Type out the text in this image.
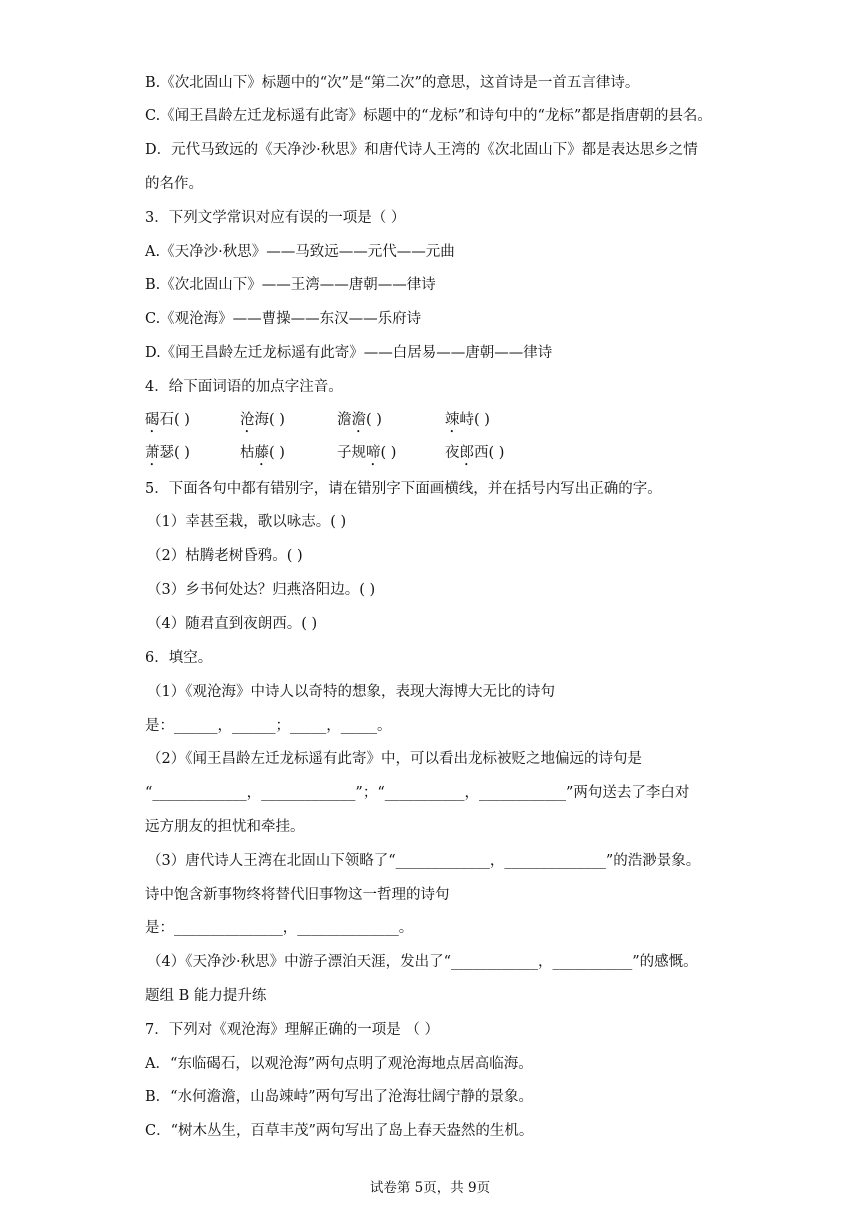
B.《次北固山下》标题中的“次”是“第二次”的意思，这首诗是一首五言律诗。
C.《闻王昌龄左迁龙标遥有此寄》标题中的“龙标”和诗句中的“龙标”都是指唐朝的县名。
D．元代马致远的《天净沙·秋思》和唐代诗人王湾的《次北固山下》都是表达思乡之情
的名作。
3．下列文学常识对应有误的一项是（ ）
A.《天净沙·秋思》——马致远——元代——元曲
B.《次北固山下》——王湾——唐朝——律诗
C.《观沧海》——曹操——东汉——乐府诗
D.《闻王昌龄左迁龙标遥有此寄》——白居易——唐朝——律诗
4．给下面词语的加点字注音。
碣石( )	沧海( )	澹澹( )	竦峙( )
萧瑟( )	枯藤( )	子规啼( )	夜郎西( )
5．下面各句中都有错别字，请在错别字下面画横线，并在括号内写出正确的字。
（1）幸甚至栽，歌以咏志。( )
（2）枯腾老树昏鸦。( )
（3）乡书何处达？归燕洛阳边。( )
（4）随君直到夜朗西。( )
6．填空。
（1）《观沧海》中诗人以奇特的想象，表现大海博大无比的诗句
是：______，______；_____，_____。
（2）《闻王昌龄左迁龙标遥有此寄》中，可以看出龙标被贬之地偏远的诗句是
“_____________，_____________”；“___________，____________”两句送去了李白对
远方朋友的担忧和牵挂。
（3）唐代诗人王湾在北固山下领略了“_____________，______________”的浩渺景象。
诗中饱含新事物终将替代旧事物这一哲理的诗句
是：_______________，______________。
（4）《天净沙·秋思》中游子漂泊天涯，发出了“____________，___________”的感慨。
题组 B 能力提升练
7．下列对《观沧海》理解正确的一项是 （ ）
A．“东临碣石，以观沧海”两句点明了观沧海地点居高临海。
B．“水何澹澹，山岛竦峙”两句写出了沧海壮阔宁静的景象。
C．“树木丛生，百草丰茂”两句写出了岛上春天盎然的生机。
试卷第 5页，共 9页
